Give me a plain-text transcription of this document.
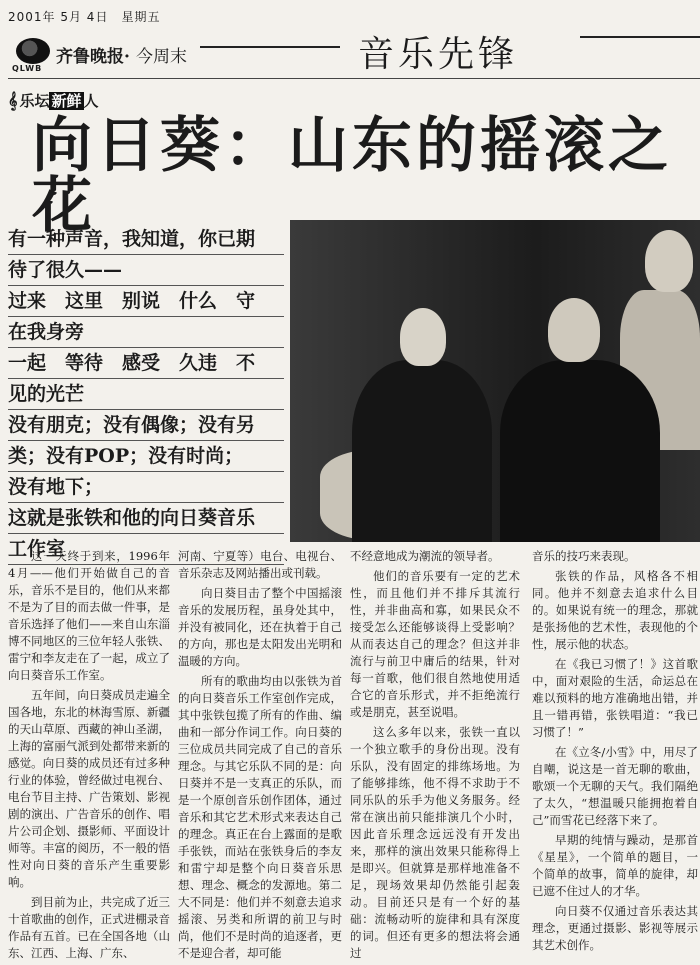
2001年 5月 4日　星期五
QLWB
齐鲁晚报· 今周末	音乐先锋
𝄞 乐坛 新鲜 人
向日葵：山东的摇滚之花
有一种声音，我知道，你已期
待了很久——
过来　这里　别说　什么　守
在我身旁
一起　等待　感受　久违　不
见的光芒
没有朋克；没有偶像；没有另
类；没有POP；没有时尚；
没有地下；
这就是张铁和他的向日葵音乐
工作室

这一天终于到来，1996年4月——他们开始做自己的音乐，音乐不是目的，他们从来都不是为了目的而去做一件事，是音乐选择了他们——来自山东淄博不同地区的三位年轻人张铁、雷宁和李友走在了一起，成立了向日葵音乐工作室。

五年间，向日葵成员走遍全国各地，东北的林海雪原、新疆的天山草原、西藏的神山圣湖，上海的富丽气派到处都带来新的感觉。向日葵的成员还有过多种行业的体验，曾经做过电视台、电台节目主持、广告策划、影视剧的演出、广告音乐的创作、唱片公司企划、摄影师、平面设计师等。丰富的阅历，不一般的悟性对向日葵的音乐产生重要影响。

到目前为止，共完成了近三十首歌曲的创作，正式进棚录音作品有五首。已在全国各地（山东、江西、上海、广东、

河南、宁夏等）电台、电视台、音乐杂志及网站播出或刊载。

向日葵目击了整个中国摇滚音乐的发展历程，虽身处其中，并没有被同化，还在执着于自己的方向，那也是太阳发出光明和温暖的方向。

所有的歌曲均由以张铁为首的向日葵音乐工作室创作完成，其中张铁包揽了所有的作曲、编曲和一部分作词工作。向日葵的三位成员共同完成了自己的音乐理念。与其它乐队不同的是：向日葵并不是一支真正的乐队，而是一个原创音乐创作团体，通过音乐和其它艺术形式来表达自己的理念。真正在台上露面的是歌手张铁，而站在张铁身后的李友和雷宁却是整个向日葵音乐思想、理念、概念的发源地。第二大不同是：他们并不刻意去追求摇滚、另类和所谓的前卫与时尚，他们不是时尚的追逐者，更不是迎合者，却可能

不经意地成为潮流的领导者。

他们的音乐要有一定的艺术性，而且他们并不排斥其流行性，并非曲高和寡，如果民众不接受怎么还能够谈得上受影响？从而表达自己的理念？但这并非流行与前卫中庸后的结果，针对每一首歌，他们很自然地使用适合它的音乐形式，并不拒绝流行或是朋克，甚至说唱。

这么多年以来，张铁一直以一个独立歌手的身份出现。没有乐队，没有固定的排练场地。为了能够排练，他不得不求助于不同乐队的乐手为他义务服务。经常在演出前只能排演几个小时，因此音乐理念远远没有开发出来，那样的演出效果只能称得上是即兴。但就算是那样地准备不足，现场效果却仍然能引起轰动。目前还只是有一个好的基础：流畅动听的旋律和具有深度的词。但还有更多的想法将会通过

音乐的技巧来表现。

张铁的作品，风格各不相同。他并不刻意去追求什么目的。如果说有统一的理念，那就是张扬他的艺术性，表现他的个性，展示他的状态。

在《我已习惯了！》这首歌中，面对艰险的生活，命运总在难以预料的地方准确地出错，并且一错再错，张铁唱道：“我已习惯了！”

在《立冬/小雪》中，用尽了自嘲，说这是一首无聊的歌曲，歌颂一个无聊的天气。我们隔绝了太久，“想温暖只能拥抱着自己”而雪花已经落下来了。

早期的纯情与躁动，是那首《星星》，一个简单的题目，一个简单的故事，简单的旋律，却已遮不住过人的才华。

向日葵不仅通过音乐表达其理念，更通过摄影、影视等展示其艺术创作。
